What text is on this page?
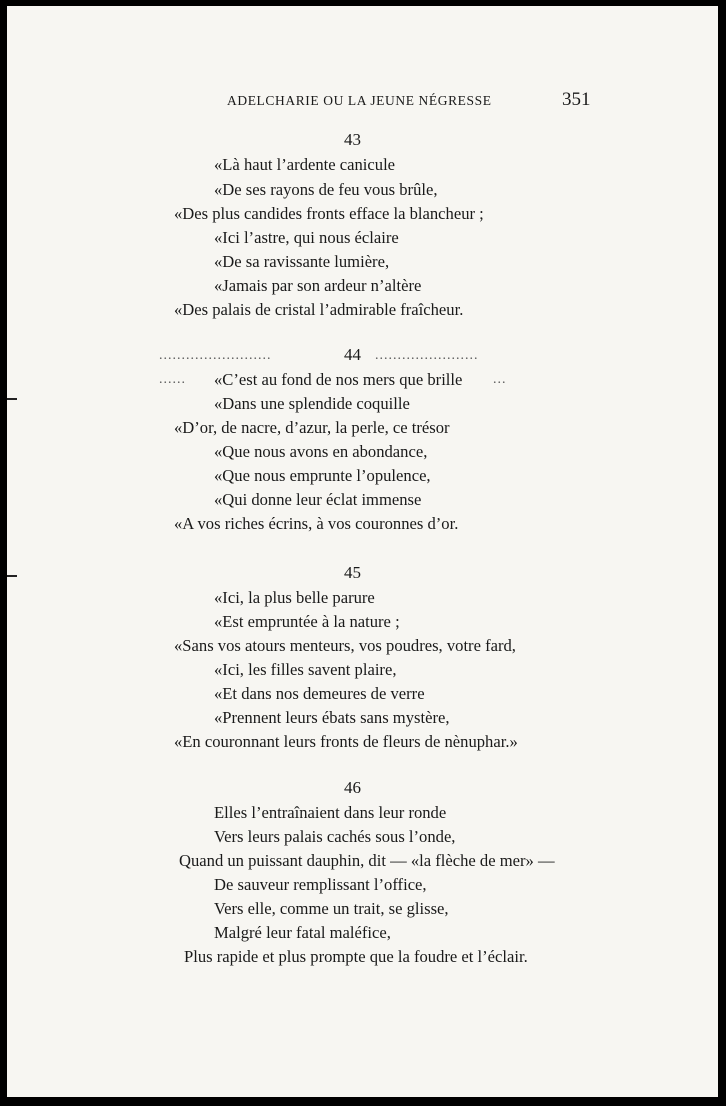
ADELCHARIE OU LA JEUNE NÉGRESSE	351
43
«Là haut l’ardente canicule
«De ses rayons de feu vous brûle,
«Des plus candides fronts efface la blancheur ;
«Ici l’astre, qui nous éclaire
«De sa ravissante lumière,
«Jamais par son ardeur n’altère
«Des palais de cristal l’admirable fraîcheur.
.........................	44 .......................
...... «C’est au fond de nos mers que brille ...
«Dans une splendide coquille
«D’or, de nacre, d’azur, la perle, ce trésor
«Que nous avons en abondance,
«Que nous emprunte l’opulence,
«Qui donne leur éclat immense
«A vos riches écrins, à vos couronnes d’or.
45
«Ici, la plus belle parure
«Est empruntée à la nature ;
«Sans vos atours menteurs, vos poudres, votre fard,
«Ici, les filles savent plaire,
«Et dans nos demeures de verre
«Prennent leurs ébats sans mystère,
«En couronnant leurs fronts de fleurs de nènuphar.»
46
Elles l’entraînaient dans leur ronde
Vers leurs palais cachés sous l’onde,
Quand un puissant dauphin, dit — «la flèche de mer» —
De sauveur remplissant l’office,
Vers elle, comme un trait, se glisse,
Malgré leur fatal maléfice,
Plus rapide et plus prompte que la foudre et l’éclair.
